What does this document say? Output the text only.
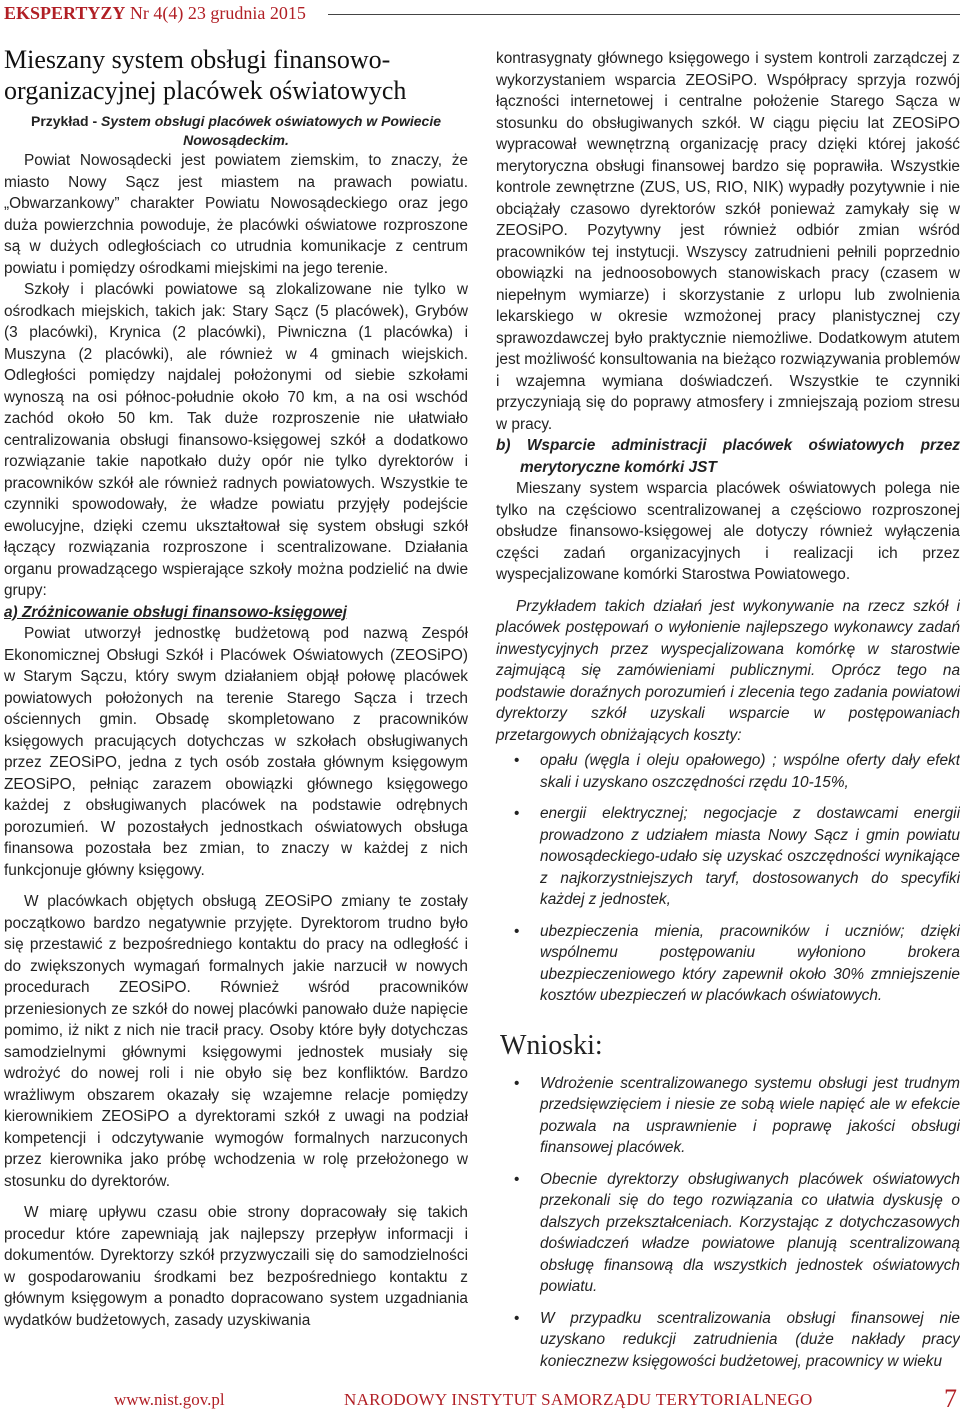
EKSPERTYZY Nr 4(4) 23 grudnia 2015
Mieszany system obsługi finansowo-
organizacyjnej placówek oświatowych

Przykład - System obsługi placówek oświatowych w Powiecie Nowosądeckim.

Powiat Nowosądecki jest powiatem ziemskim, to znaczy, że miasto Nowy Sącz jest miastem na prawach powiatu. „Obwarzankowy” charakter Powiatu Nowosądeckiego oraz jego duża powierzchnia powoduje, że placówki oświatowe rozproszone są w dużych odległościach co utrudnia komunikacje z centrum powiatu i pomiędzy ośrodkami miejskimi na jego terenie.

Szkoły i placówki powiatowe są zlokalizowane nie tylko w ośrodkach miejskich, takich jak: Stary Sącz (5 placówek), Grybów (3 placówki), Krynica (2 placówki), Piwniczna (1 placówka) i Muszyna (2 placówki), ale również w 4 gminach wiejskich. Odległości pomiędzy najdalej położonymi od siebie szkołami wynoszą na osi północ-południe około 70 km, a na osi wschód zachód około 50 km. Tak duże rozproszenie nie ułatwiało centralizowania obsługi finansowo-księgowej szkół a dodatkowo rozwiązanie takie napotkało duży opór nie tylko dyrektorów i pracowników szkół ale również radnych powiatowych. Wszystkie te czynniki spowodowały, że władze powiatu przyjęły podejście ewolucyjne, dzięki czemu ukształtował się system obsługi szkół łączący rozwiązania rozproszone i scentralizowane. Działania organu prowadzącego wspierające szkoły można podzielić na dwie grupy:

a) Zróżnicowanie obsługi finansowo-księgowej

Powiat utworzył jednostkę budżetową pod nazwą Zespół Ekonomicznej Obsługi Szkół i Placówek Oświatowych (ZEOSiPO) w Starym Sączu, który swym działaniem objął połowę placówek powiatowych położonych na terenie Starego Sącza i trzech ościennych gmin. Obsadę skompletowano z pracowników księgowych pracujących dotychczas w szkołach obsługiwanych przez ZEOSiPO, jedna z tych osób została głównym księgowym ZEOSiPO, pełniąc zarazem obowiązki głównego księgowego każdej z obsługiwanych placówek na podstawie odrębnych porozumień. W pozostałych jednostkach oświatowych obsługa finansowa pozostała bez zmian, to znaczy w każdej z nich funkcjonuje główny księgowy.

W placówkach objętych obsługą ZEOSiPO zmiany te zostały początkowo bardzo negatywnie przyjęte. Dyrektorom trudno było się przestawić z bezpośredniego kontaktu do pracy na odległość i do zwiększonych wymagań formalnych jakie narzucił w nowych procedurach ZEOSiPO. Również wśród pracowników przeniesionych ze szkół do nowej placówki panowało duże napięcie pomimo, iż nikt z nich nie tracił pracy. Osoby które były dotychczas samodzielnymi głównymi księgowymi jednostek musiały się wdrożyć do nowej roli i nie obyło się bez konfliktów. Bardzo wrażliwym obszarem okazały się wzajemne relacje pomiędzy kierownikiem ZEOSiPO a dyrektorami szkół z uwagi na podział kompetencji i odczytywanie wymogów formalnych narzuconych przez kierownika jako próbę wchodzenia w rolę przełożonego w stosunku do dyrektorów.

W miarę upływu czasu obie strony dopracowały się takich procedur które zapewniają jak najlepszy przepływ informacji i dokumentów. Dyrektorzy szkół przyzwyczaili się do samodzielności w gospodarowaniu środkami bez bezpośredniego kontaktu z głównym księgowym a ponadto dopracowano system uzgadniania wydatków budżetowych, zasady uzyskiwania

kontrasygnaty głównego księgowego i system kontroli zarządczej z wykorzystaniem wsparcia ZEOSiPO. Współpracy sprzyja rozwój łączności internetowej i centralne położenie Starego Sącza w stosunku do obsługiwanych szkół. W ciągu pięciu lat ZEOSiPO wypracował wewnętrzną organizację pracy dzięki której jakość merytoryczna obsługi finansowej bardzo się poprawiła. Wszystkie kontrole zewnętrzne (ZUS, US, RIO, NIK) wypadły pozytywnie i nie obciążały czasowo dyrektorów szkół ponieważ zamykały się w ZEOSiPO. Pozytywny jest również odbiór zmian wśród pracowników tej instytucji. Wszyscy zatrudnieni pełnili poprzednio obowiązki na jednoosobowych stanowiskach pracy (czasem w niepełnym wymiarze) i skorzystanie z urlopu lub zwolnienia lekarskiego w okresie wzmożonej pracy planistycznej czy sprawozdawczej było praktycznie niemożliwe. Dodatkowym atutem jest możliwość konsultowania na bieżąco rozwiązywania problemów i wzajemna wymiana doświadczeń. Wszystkie te czynniki przyczyniają się do poprawy atmosfery i zmniejszają poziom stresu w pracy.

b) Wsparcie administracji placówek oświatowych przez merytoryczne komórki JST

Mieszany system wsparcia placówek oświatowych polega nie tylko na częściowo scentralizowanej a częściowo rozproszonej obsłudze finansowo-księgowej ale dotyczy również wyłączenia części zadań organizacyjnych i realizacji ich przez wyspecjalizowane komórki Starostwa Powiatowego.

Przykładem takich działań jest wykonywanie na rzecz szkół i placówek postępowań o wyłonienie najlepszego wykonawcy zadań inwestycyjnych przez wyspecjalizowana komórkę w starostwie zajmującą się zamówieniami publicznymi. Oprócz tego na podstawie doraźnych porozumień i zlecenia tego zadania powiatowi dyrektorzy szkół uzyskali wsparcie w postępowaniach przetargowych obniżających koszty:

• opału (węgla i oleju opałowego) ; wspólne oferty dały efekt skali i uzyskano oszczędności rzędu 10-15%,
• energii elektrycznej; negocjacje z dostawcami energii prowadzono z udziałem miasta Nowy Sącz i gmin powiatu nowosądeckiego-udało się uzyskać oszczędności wynikające z najkorzystniejszych taryf, dostosowanych do specyfiki każdej z jednostek,
• ubezpieczenia mienia, pracowników i uczniów; dzięki wspólnemu postępowaniu wyłoniono brokera ubezpieczeniowego który zapewnił około 30% zmniejszenie kosztów ubezpieczeń w placówkach oświatowych.
Wnioski:
• Wdrożenie scentralizowanego systemu obsługi jest trudnym przedsięwzięciem i niesie ze sobą wiele napięć ale w efekcie pozwala na usprawnienie i poprawę jakości obsługi finansowej placówek.
• Obecnie dyrektorzy obsługiwanych placówek oświatowych przekonali się do tego rozwiązania co ułatwia dyskusję o dalszych przekształceniach. Korzystając z dotychczasowych doświadczeń władze powiatowe planują scentralizowaną obsługę finansową dla wszystkich jednostek oświatowych powiatu.
• W przypadku scentralizowania obsługi finansowej nie uzyskano redukcji zatrudnienia (duże nakłady pracy koniecznezw księgowości budżetowej, pracownicy w wieku
www.nist.gov.pl	NARODOWY INSTYTUT SAMORZĄDU TERYTORIALNEGO	7
